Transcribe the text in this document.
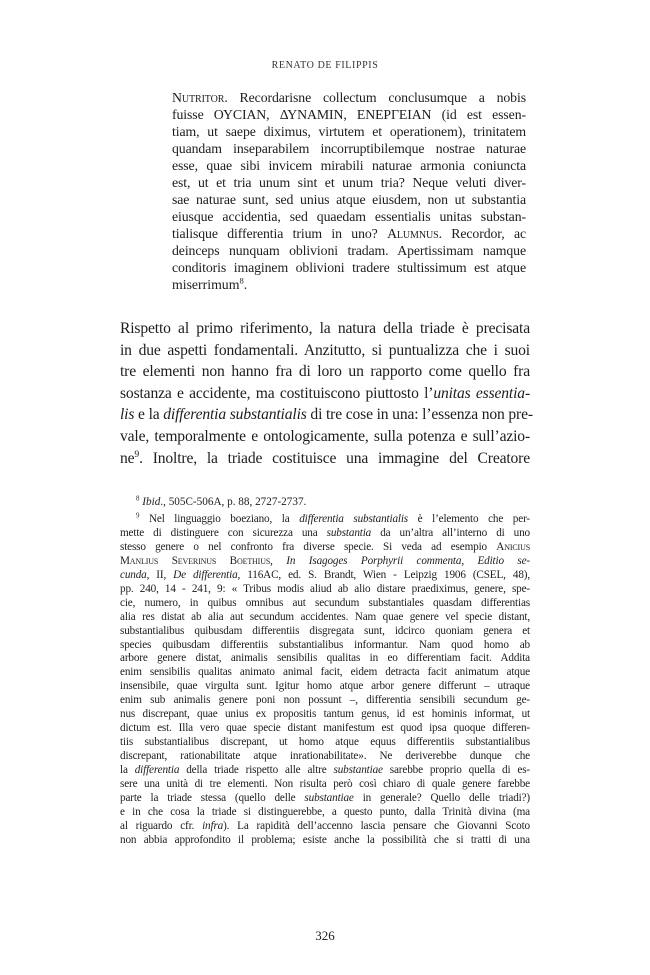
RENATO DE FILIPPIS
Nutritor. Recordarisne collectum conclusumque a nobis
fuisse ΟΥCIAN, ΔΥΝΑΜΙΝ, ΕΝΕΡΓΕΙΑΝ (id est essen-
tiam, ut saepe diximus, virtutem et operationem), trinitatem
quandam inseparabilem incorruptibilemque nostrae naturae
esse, quae sibi invicem mirabili naturae armonia coniuncta
est, ut et tria unum sint et unum tria? Neque veluti diver-
sae naturae sunt, sed unius atque eiusdem, non ut substantia
eiusque accidentia, sed quaedam essentialis unitas substan-
tialisque differentia trium in uno? Alumnus. Recordor, ac
deinceps nunquam oblivioni tradam. Apertissimam namque
conditoris imaginem oblivioni tradere stultissimum est atque
miserrimum$^8$.
Rispetto al primo riferimento, la natura della triade è precisata
in due aspetti fondamentali. Anzitutto, si puntualizza che i suoi
tre elementi non hanno fra di loro un rapporto come quello fra
sostanza e accidente, ma costituiscono piuttosto l’unitas essentia-
lis e la differentia substantialis di tre cose in una: l’essenza non pre-
vale, temporalmente e ontologicamente, sulla potenza e sull’azio-
$ne^9$. Inoltre, la triade costituisce una immagine del Creatore
$^8$ Ibid., 505C-506A, p. 88, 2727-2737.
$^9$ Nel linguaggio boeziano, la differentia substantialis è l’elemento che per-
mette di distinguere con sicurezza una substantia da un’altra all’interno di uno
stesso genere o nel confronto fra diverse specie. Si veda ad esempio Anicius
Manlius Severinus Boethius, In Isagoges Porphyrii commenta, Editio se-
cunda, II, De differentia, 116AC, ed. S. Brandt, Wien - Leipzig 1906 (CSEL, 48),
pp. 240, 14 - 241, 9: « Tribus modis aliud ab alio distare praediximus, genere, spe-
cie, numero, in quibus omnibus aut secundum substantiales quasdam differentias
alia res distat ab alia aut secundum accidentes. Nam quae genere vel specie distant,
substantialibus quibusdam differentiis disgregata sunt, idcirco quoniam genera et
species quibusdam differentiis substantialibus informantur. Nam quod homo ab
arbore genere distat, animalis sensibilis qualitas in eo differentiam facit. Addita
enim sensibilis qualitas animato animal facit, eidem detracta facit animatum atque
insensibile, quae virgulta sunt. Igitur homo atque arbor genere differunt – utraque
enim sub animalis genere poni non possunt –, differentia sensibili secundum ge-
nus discrepant, quae unius ex propositis tantum genus, id est hominis informat, ut
dictum est. Illa vero quae specie distant manifestum est quod ipsa quoque differen-
tiis substantialibus discrepant, ut homo atque equus differentiis substantialibus
discrepant, rationabilitate atque inrationabilitate». Ne deriverebbe dunque che
la differentia della triade rispetto alle altre substantiae sarebbe proprio quella di es-
sere una unità di tre elementi. Non risulta però così chiaro di quale genere farebbe
parte la triade stessa (quello delle substantiae in generale? Quello delle triadi?)
e in che cosa la triade si distinguerebbe, a questo punto, dalla Trinità divina (ma
al riguardo cfr. infra). La rapidità dell’accenno lascia pensare che Giovanni Scoto
non abbia approfondito il problema; esiste anche la possibilità che si tratti di una
326
